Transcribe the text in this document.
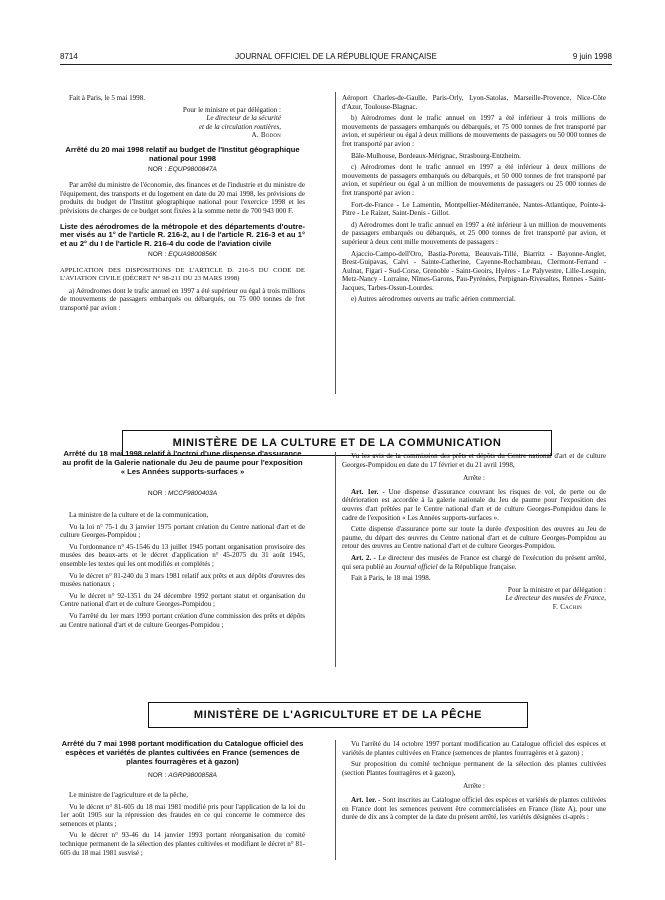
8714	JOURNAL OFFICIEL DE LA RÉPUBLIQUE FRANÇAISE	9 juin 1998

Fait à Paris, le 5 mai 1998.

Pour le ministre et par délégation :

Le directeur de la sécurité

et de la circulation routières,

A. Bodon

Arrêté du 20 mai 1998 relatif au budget de l'Institut géographique national pour 1998

NOR : EQUP9800847A

Par arrêté du ministre de l'économie, des finances et de l'industrie et du ministre de l'équipement, des transports et du logement en date du 20 mai 1998, les prévisions de produits du budget de l'Institut géographique national pour l'exercice 1998 et les prévisions de charges de ce budget sont fixées à la somme nette de 700 943 000 F.

Liste des aérodromes de la métropole et des départements d'outre-mer visés au 1° de l'article R. 216-2, au I de l'article R. 216-3 et au 1° et au 2° du I de l'article R. 216-4 du code de l'aviation civile

NOR : EQUA9800856K

APPLICATION DES DISPOSITIONS DE L'ARTICLE D. 216-5 DU CODE DE L'AVIATION CIVILE (DÉCRET N° 98-211 DU 23 MARS 1998)

a) Aérodromes dont le trafic annuel en 1997 a été supérieur ou égal à trois millions de mouvements de passagers embarqués ou débarqués, ou 75 000 tonnes de fret transporté par avion :

Aéroport Charles-de-Gaulle, Paris-Orly, Lyon-Satolas, Marseille-Provence, Nice-Côte d'Azur, Toulouse-Blagnac.

b) Aérodromes dont le trafic annuel en 1997 a été inférieur à trois millions de mouvements de passagers embarqués ou débarqués, et 75 000 tonnes de fret transporté par avion, et supérieur ou égal à deux millions de mouvements de passagers ou 50 000 tonnes de fret transporté par avion :

Bâle-Mulhouse, Bordeaux-Mérignac, Strasbourg-Entzheim.

c) Aérodromes dont le trafic annuel en 1997 a été inférieur à deux millions de mouvements de passagers embarqués ou débarqués, et 50 000 tonnes de fret transporté par avion, et supérieur ou égal à un million de mouvements de passagers ou 25 000 tonnes de fret transporté par avion :

Fort-de-France - Le Lamentin, Montpellier-Méditerranée, Nantes-Atlantique, Pointe-à-Pitre - Le Raizet, Saint-Denis - Gillot.

d) Aérodromes dont le trafic annuel en 1997 a été inférieur à un million de mouvements de passagers embarqués ou débarqués, et 25 000 tonnes de fret transporté par avion, et supérieur à deux cent mille mouvements de passagers :

Ajaccio-Campo-dell'Oro, Bastia-Poretta, Beauvais-Tillé, Biarritz - Bayonne-Anglet, Brest-Guipavas, Calvi - Sainte-Catherine, Cayenne-Rochambeau, Clermont-Ferrand - Aulnat, Figari - Sud-Corse, Grenoble - Saint-Geoirs, Hyères - Le Palyvestre, Lille-Lesquin, Metz-Nancy - Lorraine, Nîmes-Garons, Pau-Pyrénées, Perpignan-Rivesaltes, Rennes - Saint-Jacques, Tarbes-Ossun-Lourdes.

e) Autres aérodromes ouverts au trafic aérien commercial.

MINISTÈRE DE LA CULTURE ET DE LA COMMUNICATION

Arrêté du 18 mai 1998 relatif à l'octroi d'une dispense d'assurance au profit de la Galerie nationale du Jeu de paume pour l'exposition « Les Années supports-surfaces »

NOR : MCCF9800403A

La ministre de la culture et de la communication,

Vu la loi n° 75-1 du 3 janvier 1975 portant création du Centre national d'art et de culture Georges-Pompidou ;

Vu l'ordonnance n° 45-1546 du 13 juillet 1945 portant organisation provisoire des musées des beaux-arts et le décret d'application n° 45-2075 du 31 août 1945, ensemble les textes qui les ont modifiés et complétés ;

Vu le décret n° 81-240 du 3 mars 1981 relatif aux prêts et aux dépôts d'œuvres des musées nationaux ;

Vu le décret n° 92-1351 du 24 décembre 1992 portant statut et organisation du Centre national d'art et de culture Georges-Pompidou ;

Vu l'arrêté du 1er mars 1993 portant création d'une commission des prêts et dépôts au Centre national d'art et de culture Georges-Pompidou ;

Vu les avis de la commission des prêts et dépôts du Centre national d'art et de culture Georges-Pompidou en date du 17 février et du 21 avril 1998,

Arrête :

Art. 1er. - Une dispense d'assurance couvrant les risques de vol, de perte ou de détérioration est accordée à la galerie nationale du Jeu de paume pour l'exposition des œuvres d'art prêtées par le Centre national d'art et de culture Georges-Pompidou dans le cadre de l'exposition « Les Années supports-surfaces ».

Cette dispense d'assurance porte sur toute la durée d'exposition des œuvres au Jeu de paume, du départ des œuvres du Centre national d'art et de culture Georges-Pompidou au retour des œuvres au Centre national d'art et de culture Georges-Pompidou.

Art. 2. - Le directeur des musées de France est chargé de l'exécution du présent arrêté, qui sera publié au Journal officiel de la République française.

Fait à Paris, le 18 mai 1998.

Pour la ministre et par délégation :

Le directeur des musées de France,

F. Cachin

MINISTÈRE DE L'AGRICULTURE ET DE LA PÊCHE

Arrêté du 7 mai 1998 portant modification du Catalogue officiel des espèces et variétés de plantes cultivées en France (semences de plantes fourragères et à gazon)

NOR : AGRP9800858A

Le ministre de l'agriculture et de la pêche,

Vu le décret n° 81-605 du 18 mai 1981 modifié pris pour l'application de la loi du 1er août 1905 sur la répression des fraudes en ce qui concerne le commerce des semences et plants ;

Vu le décret n° 93-46 du 14 janvier 1993 portant réorganisation du comité technique permanent de la sélection des plantes cultivées et modifiant le décret n° 81-605 du 18 mai 1981 susvisé ;

Vu l'arrêté du 14 octobre 1997 portant modification au Catalogue officiel des espèces et variétés de plantes cultivées en France (semences de plantes fourragères et à gazon) ;

Sur proposition du comité technique permanent de la sélection des plantes cultivées (section Plantes fourragères et à gazon),

Arrête :

Art. 1er. - Sont inscrites au Catalogue officiel des espèces et variétés de plantes cultivées en France dont les semences peuvent être commercialisées en France (liste A), pour une durée de dix ans à compter de la date du présent arrêté, les variétés désignées ci-après :
